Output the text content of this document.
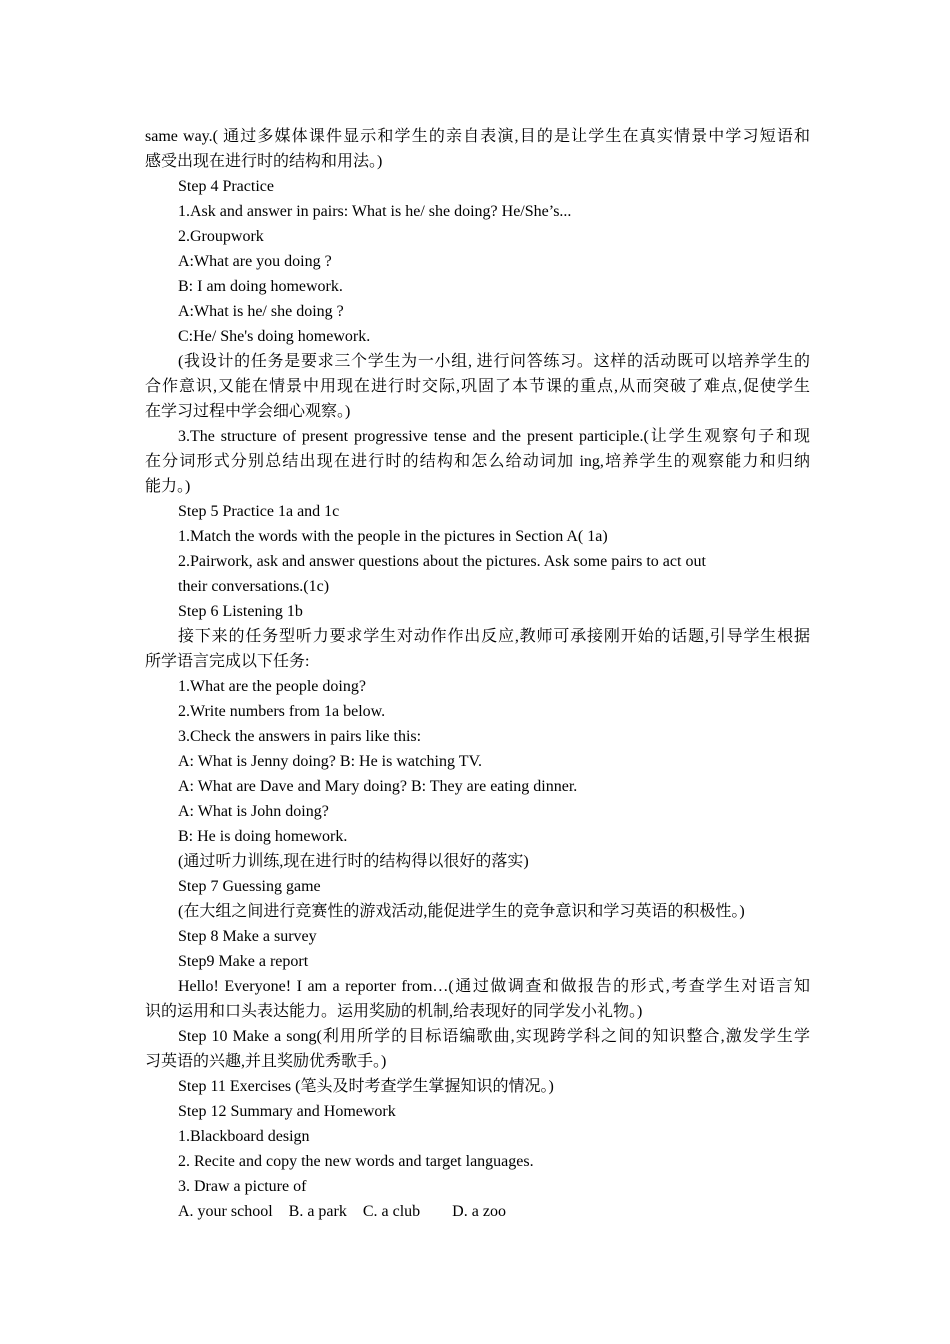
same way.( 通过多媒体课件显示和学生的亲自表演,目的是让学生在真实情景中学习短语和
感受出现在进行时的结构和用法。)
Step 4 Practice
1.Ask and answer in pairs: What is he/ she doing? He/She’s...
2.Groupwork
A:What are you doing ?
B: I am doing homework.
A:What is he/ she doing ?
C:He/ She's doing homework.
(我设计的任务是要求三个学生为一小组, 进行问答练习。这样的活动既可以培养学生的
合作意识,又能在情景中用现在进行时交际,巩固了本节课的重点,从而突破了难点,促使学生
在学习过程中学会细心观察。)
3.The structure of present progressive tense and the present participle.(让学生观察句子和现
在分词形式分别总结出现在进行时的结构和怎么给动词加 ing,培养学生的观察能力和归纳
能力。)
Step 5 Practice 1a and 1c
1.Match the words with the people in the pictures in Section A( 1a)
2.Pairwork, ask and answer questions about the pictures. Ask some pairs to act out
their conversations.(1c)
Step 6 Listening 1b
接下来的任务型听力要求学生对动作作出反应,教师可承接刚开始的话题,引导学生根据
所学语言完成以下任务:
1.What are the people doing?
2.Write numbers from 1a below.
3.Check the answers in pairs like this:
A: What is Jenny doing? B: He is watching TV.
A: What are Dave and Mary doing? B: They are eating dinner.
A: What is John doing?
B: He is doing homework.
(通过听力训练,现在进行时的结构得以很好的落实)
Step 7 Guessing game
(在大组之间进行竞赛性的游戏活动,能促进学生的竞争意识和学习英语的积极性。)
Step 8 Make a survey
Step9 Make a report
Hello! Everyone! I am a reporter from…(通过做调查和做报告的形式,考查学生对语言知
识的运用和口头表达能力。运用奖励的机制,给表现好的同学发小礼物。)
Step 10 Make a song(利用所学的目标语编歌曲,实现跨学科之间的知识整合,激发学生学
习英语的兴趣,并且奖励优秀歌手。)
Step 11 Exercises (笔头及时考查学生掌握知识的情况。)
Step 12 Summary and Homework
1.Blackboard design
2. Recite and copy the new words and target languages.
3. Draw a picture of
A. your school    B. a park    C. a club        D. a zoo
